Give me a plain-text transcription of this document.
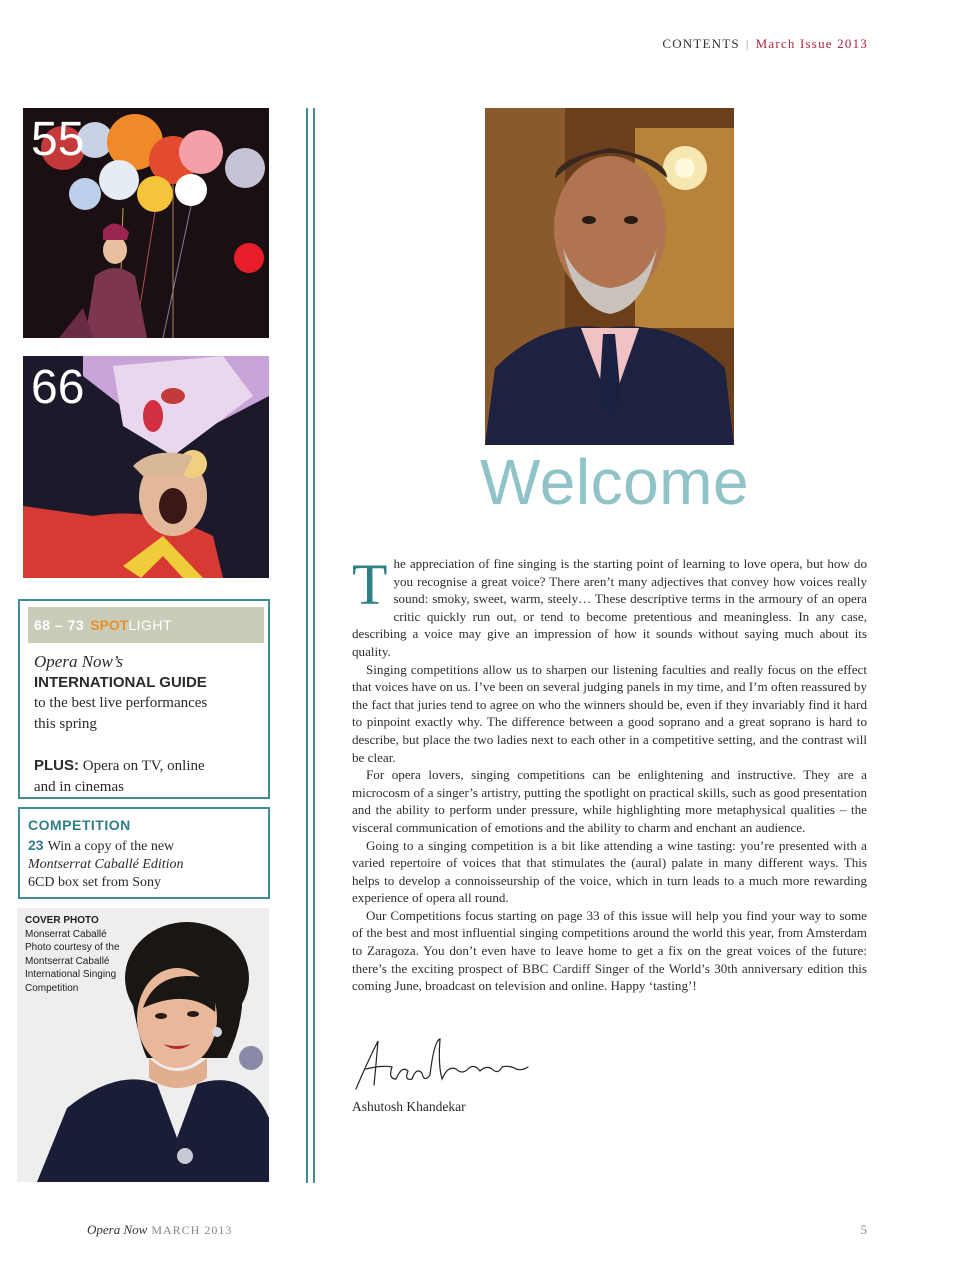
CONTENTS | March Issue 2013
55
66
68 – 73 SPOTLIGHT
Opera Now’s
INTERNATIONAL GUIDE
to the best live performances
this spring
PLUS: Opera on TV, online
and in cinemas
COMPETITION
23 Win a copy of the new
Montserrat Caballé Edition
6CD box set from Sony
COVER PHOTO
Monserrat Caballé
Photo courtesy of the
Montserrat Caballé
International Singing
Competition
Welcome

The appreciation of fine singing is the starting point of learning to love opera, but how do you recognise a great voice? There aren’t many adjectives that convey how voices really sound: smoky, sweet, warm, steely… These descriptive terms in the armoury of an opera critic quickly run out, or tend to become pretentious and meaningless. In any case, describing a voice may give an impression of how it sounds without saying much about its quality.

Singing competitions allow us to sharpen our listening faculties and really focus on the effect that voices have on us. I’ve been on several judging panels in my time, and I’m often reassured by the fact that juries tend to agree on who the winners should be, even if they invariably find it hard to pinpoint exactly why. The difference between a good soprano and a great soprano is hard to describe, but place the two ladies next to each other in a competitive setting, and the contrast will be clear.

For opera lovers, singing competitions can be enlightening and instructive. They are a microcosm of a singer’s artistry, putting the spotlight on practical skills, such as good presentation and the ability to perform under pressure, while highlighting more metaphysical qualities – the visceral communication of emotions and the ability to charm and enchant an audience.

Going to a singing competition is a bit like attending a wine tasting: you’re presented with a varied repertoire of voices that that stimulates the (aural) palate in many different ways. This helps to develop a connoisseurship of the voice, which in turn leads to a much more rewarding experience of opera all round.

Our Competitions focus starting on page 33 of this issue will help you find your way to some of the best and most influential singing competitions around the world this year, from Amsterdam to Zaragoza. You don’t even have to leave home to get a fix on the great voices of the future: there’s the exciting prospect of BBC Cardiff Singer of the World’s 30th anniversary edition this coming June, broadcast on television and online. Happy ‘tasting’!

Ashutosh Khandekar
Opera Now MARCH 2013	5
